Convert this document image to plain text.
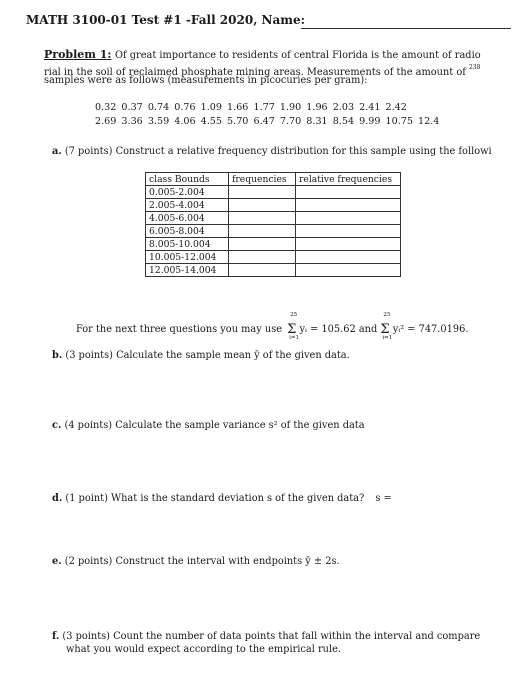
MATH 3100-01 Test #1 -Fall 2020, Name:
Problem 1: Of great importance to residents of central Florida is the amount of radio
rial in the soil of reclaimed phosphate mining areas. Measurements of the amount of $^{238}$
samples were as follows (measurements in picocuries per gram):
0.32 0.37 0.74 0.76 1.09 1.66 1.77 1.90 1.96 2.03 2.41 2.42
2.69 3.36 3.59 4.06 4.55 5.70 6.47 7.70 8.31 8.54 9.99 10.75 12.4
a. (7 points) Construct a relative frequency distribution for this sample using the followi
class Bounds	frequencies	relative frequencies
0.005-2.004		
2.005-4.004		
4.005-6.004		
6.005-8.004		
8.005-10.004		
10.005-12.004		
12.005-14.004		
For the next three questions you may use
25
Σ
i=1
yᵢ = 105.62 and
25
Σ
i=1
yᵢ² = 747.0196.
b. (3 points) Calculate the sample mean ȳ of the given data.
c. (4 points) Calculate the sample variance s² of the given data
d. (1 point) What is the standard deviation s of the given data? s =
e. (2 points) Construct the interval with endpoints ȳ ± 2s.
f. (3 points) Count the number of data points that fall within the interval and compare
what you would expect according to the empirical rule.
